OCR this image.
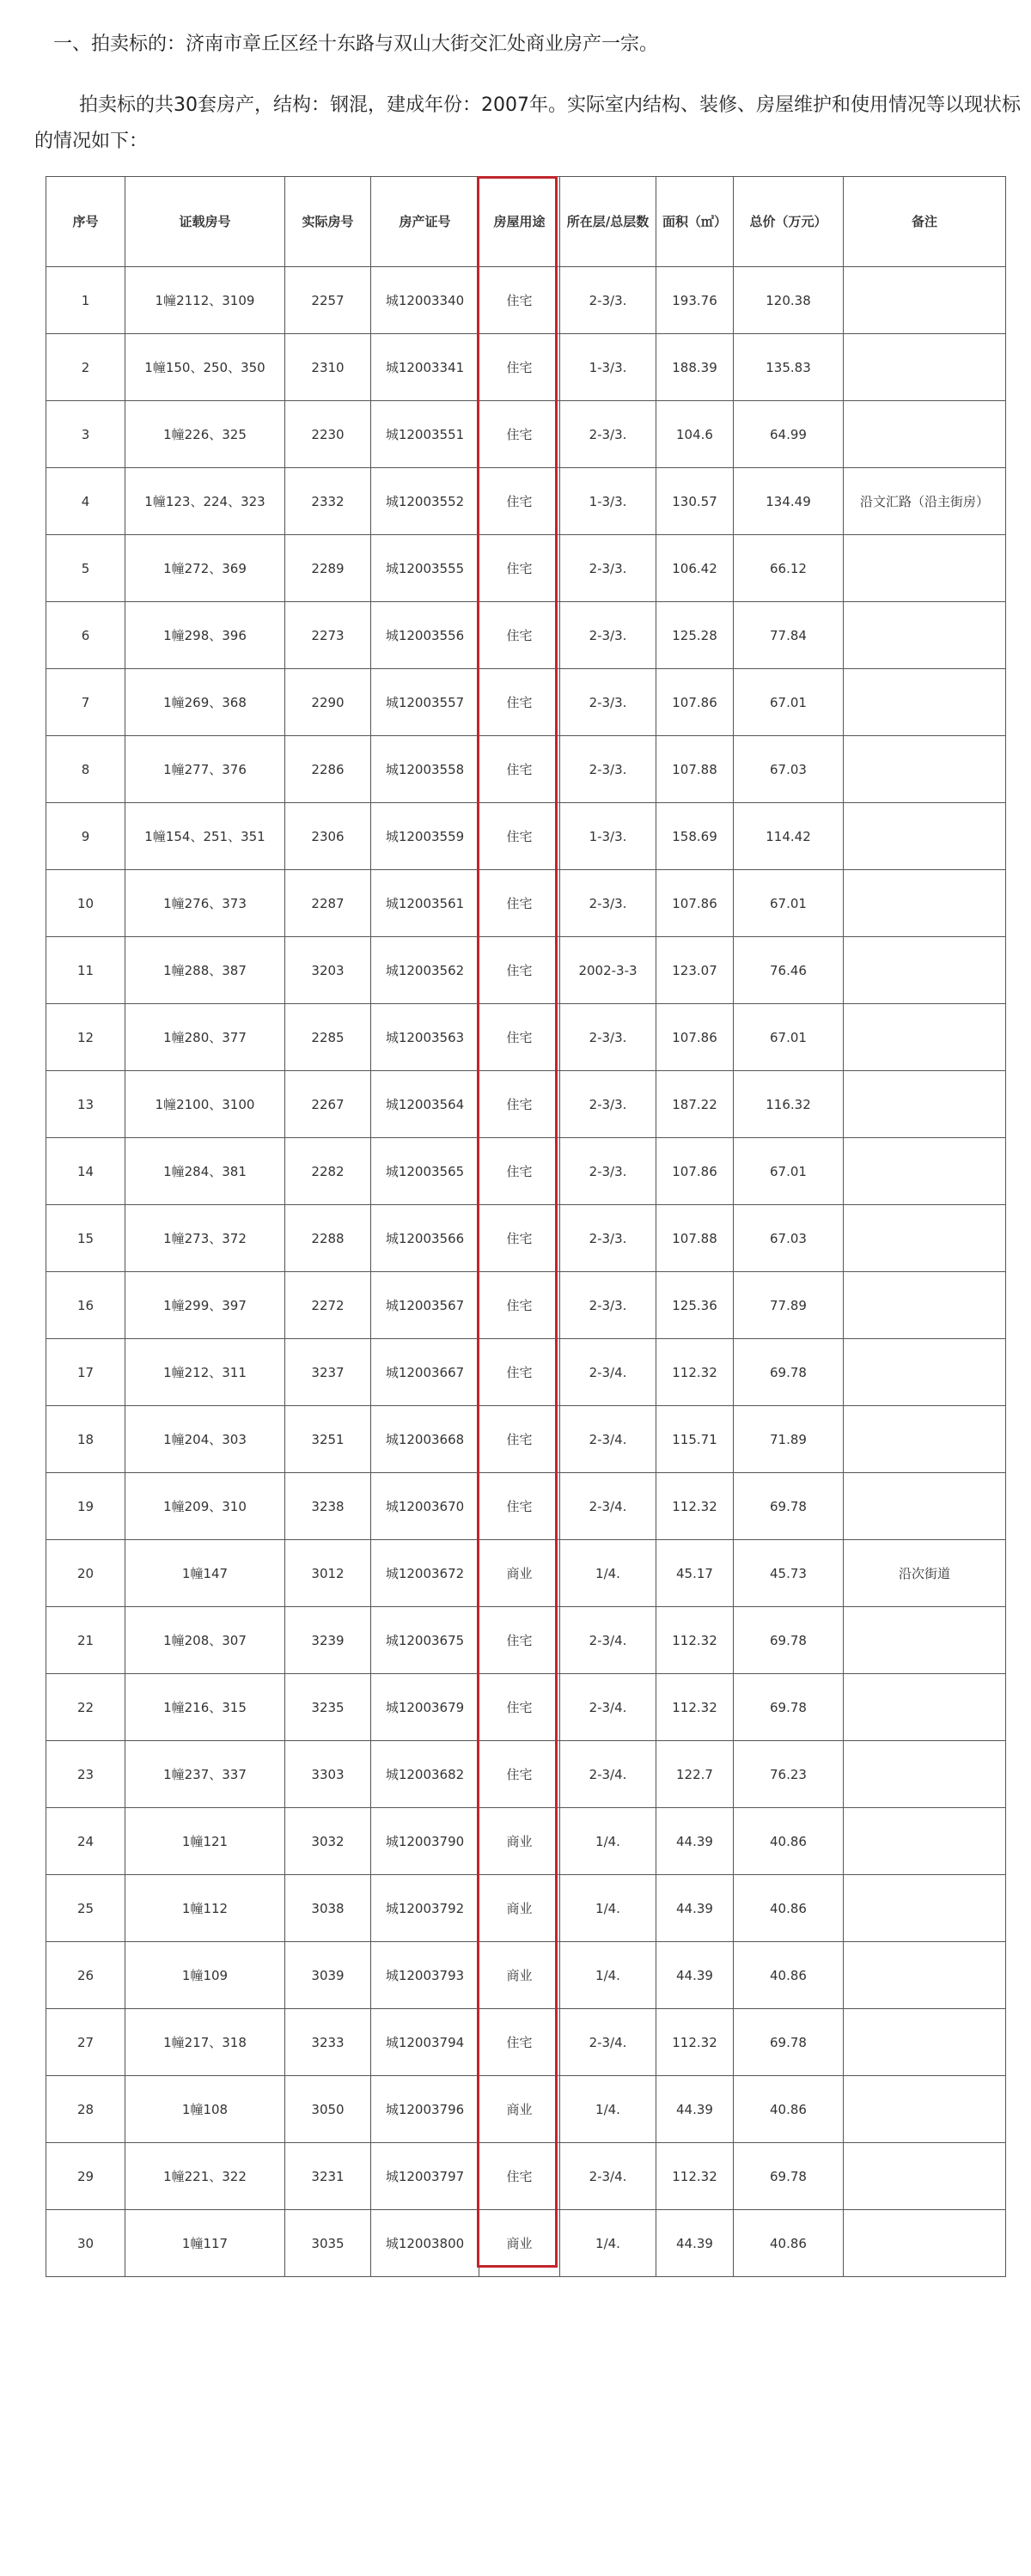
一、拍卖标的：济南市章丘区经十东路与双山大街交汇处商业房产一宗。
拍卖标的共30套房产，结构：钢混，建成年份：2007年。实际室内结构、装修、房屋维护和使用情况等以现状标的情况如下：
序号	证载房号	实际房号	房产证号	房屋用途	所在层/总层数	面积（㎡）	总价（万元）	备注
1	1幢2112、3109	2257	城12003340	住宅	2-3/3.	193.76	120.38	
2	1幢150、250、350	2310	城12003341	住宅	1-3/3.	188.39	135.83	
3	1幢226、325	2230	城12003551	住宅	2-3/3.	104.6	64.99	
4	1幢123、224、323	2332	城12003552	住宅	1-3/3.	130.57	134.49	沿文汇路（沿主街房）
5	1幢272、369	2289	城12003555	住宅	2-3/3.	106.42	66.12	
6	1幢298、396	2273	城12003556	住宅	2-3/3.	125.28	77.84	
7	1幢269、368	2290	城12003557	住宅	2-3/3.	107.86	67.01	
8	1幢277、376	2286	城12003558	住宅	2-3/3.	107.88	67.03	
9	1幢154、251、351	2306	城12003559	住宅	1-3/3.	158.69	114.42	
10	1幢276、373	2287	城12003561	住宅	2-3/3.	107.86	67.01	
11	1幢288、387	3203	城12003562	住宅	2002-3-3	123.07	76.46	
12	1幢280、377	2285	城12003563	住宅	2-3/3.	107.86	67.01	
13	1幢2100、3100	2267	城12003564	住宅	2-3/3.	187.22	116.32	
14	1幢284、381	2282	城12003565	住宅	2-3/3.	107.86	67.01	
15	1幢273、372	2288	城12003566	住宅	2-3/3.	107.88	67.03	
16	1幢299、397	2272	城12003567	住宅	2-3/3.	125.36	77.89	
17	1幢212、311	3237	城12003667	住宅	2-3/4.	112.32	69.78	
18	1幢204、303	3251	城12003668	住宅	2-3/4.	115.71	71.89	
19	1幢209、310	3238	城12003670	住宅	2-3/4.	112.32	69.78	
20	1幢147	3012	城12003672	商业	1/4.	45.17	45.73	沿次街道
21	1幢208、307	3239	城12003675	住宅	2-3/4.	112.32	69.78	
22	1幢216、315	3235	城12003679	住宅	2-3/4.	112.32	69.78	
23	1幢237、337	3303	城12003682	住宅	2-3/4.	122.7	76.23	
24	1幢121	3032	城12003790	商业	1/4.	44.39	40.86	
25	1幢112	3038	城12003792	商业	1/4.	44.39	40.86	
26	1幢109	3039	城12003793	商业	1/4.	44.39	40.86	
27	1幢217、318	3233	城12003794	住宅	2-3/4.	112.32	69.78	
28	1幢108	3050	城12003796	商业	1/4.	44.39	40.86	
29	1幢221、322	3231	城12003797	住宅	2-3/4.	112.32	69.78	
30	1幢117	3035	城12003800	商业	1/4.	44.39	40.86	
